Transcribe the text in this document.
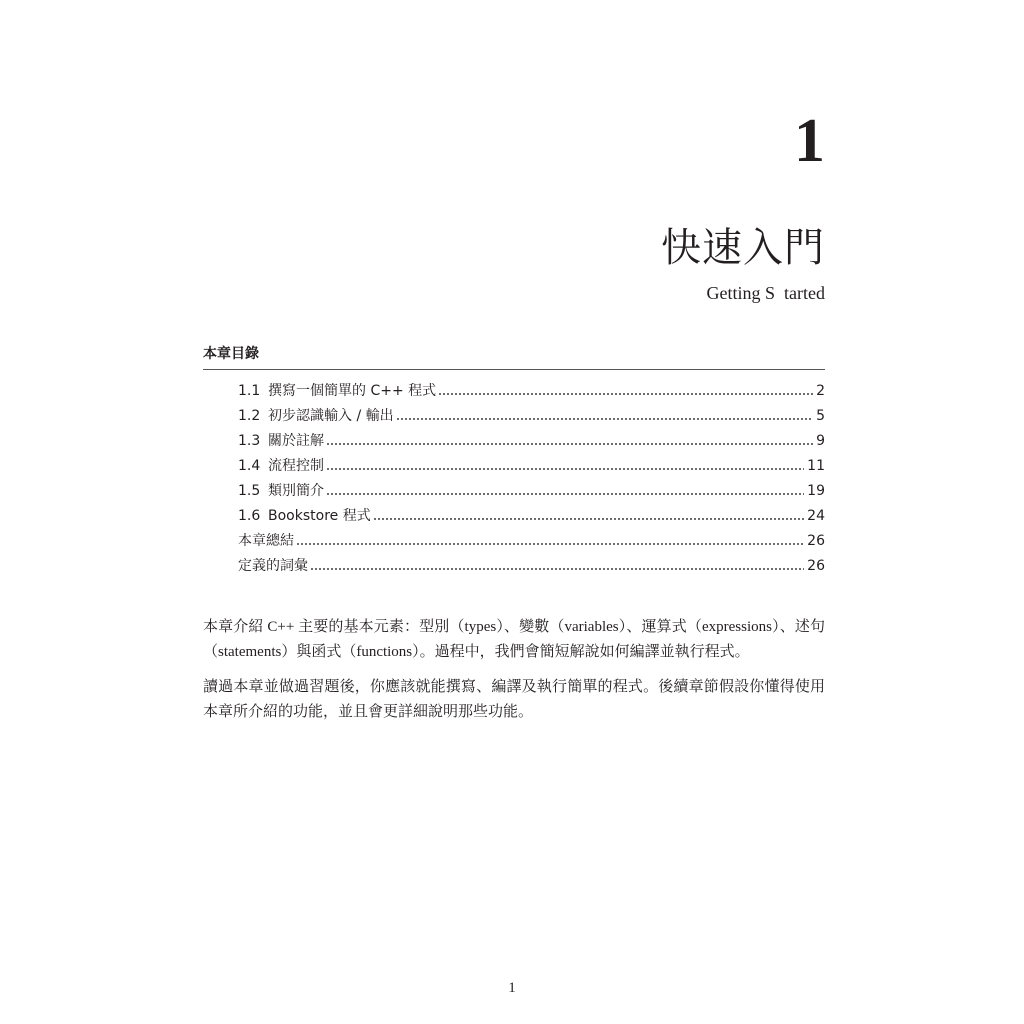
1
快速入門
Getting S  tarted
本章目錄
1.1 撰寫一個簡單的 C++ 程式	2
1.2 初步認識輸入 / 輸出	5
1.3 關於註解	9
1.4 流程控制	11
1.5 類別簡介	19
1.6 Bookstore 程式	24
本章總結	26
定義的詞彙	26

本章介紹 C++ 主要的基本元素：型別（types）、變數（variables）、運算式（expressions）、述句（statements）與函式（functions）。過程中，我們會簡短解說如何編譯並執行程式。

讀過本章並做過習題後，你應該就能撰寫、編譯及執行簡單的程式。後續章節假設你懂得使用本章所介紹的功能，並且會更詳細說明那些功能。

1
